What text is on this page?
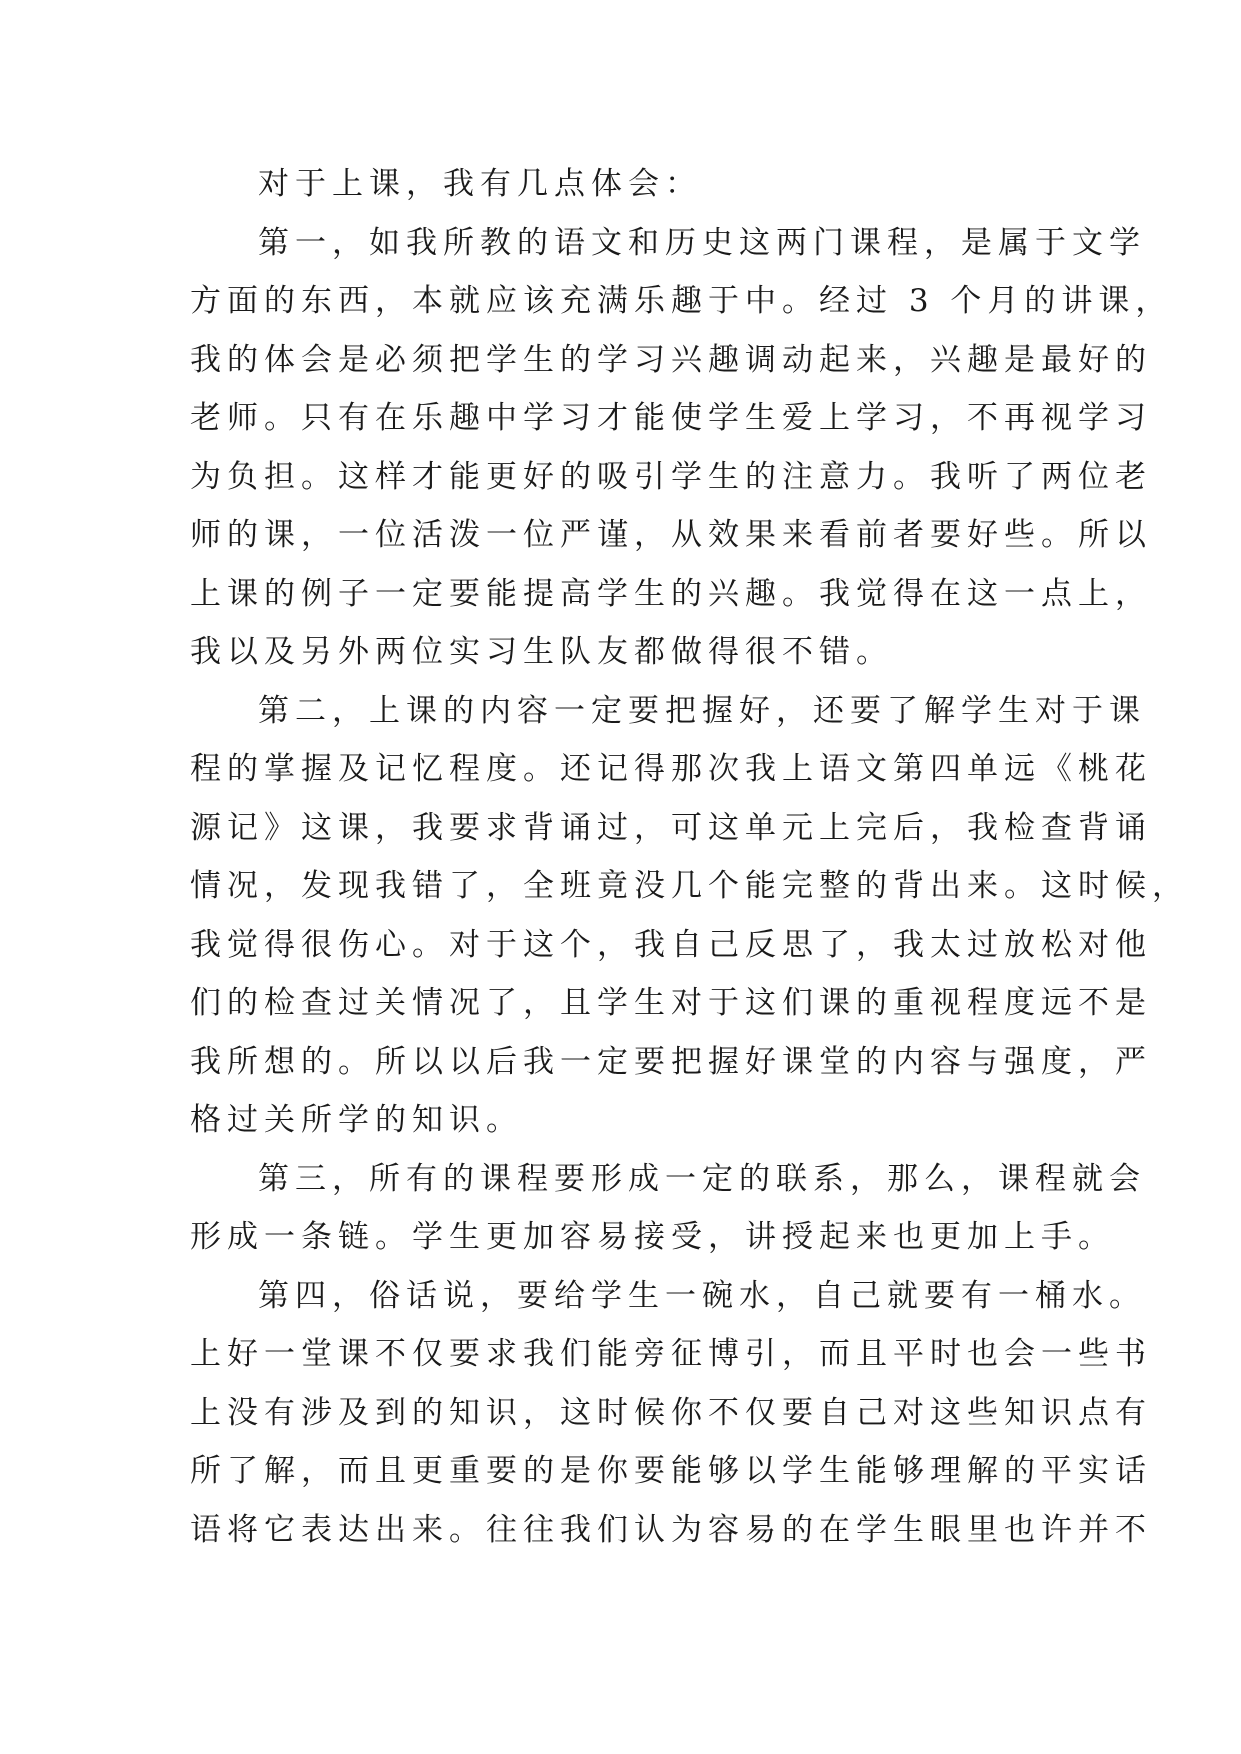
对于上课，我有几点体会：
第一，如我所教的语文和历史这两门课程，是属于文学
方面的东西，本就应该充满乐趣于中。经过 3 个月的讲课，
我的体会是必须把学生的学习兴趣调动起来，兴趣是最好的
老师。只有在乐趣中学习才能使学生爱上学习，不再视学习
为负担。这样才能更好的吸引学生的注意力。我听了两位老
师的课，一位活泼一位严谨，从效果来看前者要好些。所以
上课的例子一定要能提高学生的兴趣。我觉得在这一点上，
我以及另外两位实习生队友都做得很不错。
第二，上课的内容一定要把握好，还要了解学生对于课
程的掌握及记忆程度。还记得那次我上语文第四单远《桃花
源记》这课，我要求背诵过，可这单元上完后，我检查背诵
情况，发现我错了，全班竟没几个能完整的背出来。这时候，
我觉得很伤心。对于这个，我自己反思了，我太过放松对他
们的检查过关情况了，且学生对于这们课的重视程度远不是
我所想的。所以以后我一定要把握好课堂的内容与强度，严
格过关所学的知识。
第三，所有的课程要形成一定的联系，那么，课程就会
形成一条链。学生更加容易接受，讲授起来也更加上手。
第四，俗话说，要给学生一碗水，自己就要有一桶水。
上好一堂课不仅要求我们能旁征博引，而且平时也会一些书
上没有涉及到的知识，这时候你不仅要自己对这些知识点有
所了解，而且更重要的是你要能够以学生能够理解的平实话
语将它表达出来。往往我们认为容易的在学生眼里也许并不
